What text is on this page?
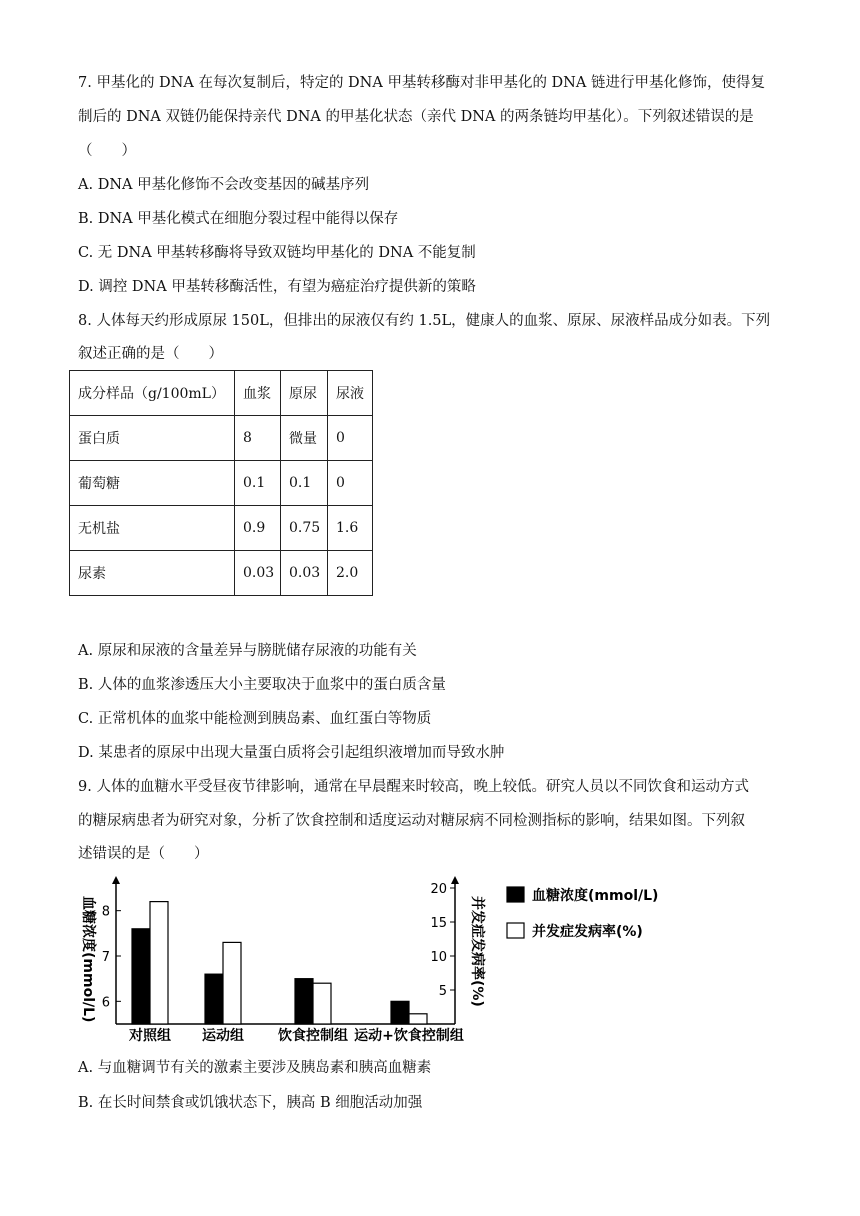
7. 甲基化的 DNA 在每次复制后，特定的 DNA 甲基转移酶对非甲基化的 DNA 链进行甲基化修饰，使得复
制后的 DNA 双链仍能保持亲代 DNA 的甲基化状态（亲代 DNA 的两条链均甲基化）。下列叙述错误的是
（　　）
A. DNA 甲基化修饰不会改变基因的碱基序列
B. DNA 甲基化模式在细胞分裂过程中能得以保存
C. 无 DNA 甲基转移酶将导致双链均甲基化的 DNA 不能复制
D. 调控 DNA 甲基转移酶活性，有望为癌症治疗提供新的策略
8. 人体每天约形成原尿 150L，但排出的尿液仅有约 1.5L，健康人的血浆、原尿、尿液样品成分如表。下列
叙述正确的是（　　）
成分样品（g/100mL）	血浆	原尿	尿液
蛋白质	8	微量	0
葡萄糖	0.1	0.1	0
无机盐	0.9	0.75	1.6
尿素	0.03	0.03	2.0
A. 原尿和尿液的含量差异与膀胱储存尿液的功能有关
B. 人体的血浆渗透压大小主要取决于血浆中的蛋白质含量
C. 正常机体的血浆中能检测到胰岛素、血红蛋白等物质
D. 某患者的原尿中出现大量蛋白质将会引起组织液增加而导致水肿
9. 人体的血糖水平受昼夜节律影响，通常在早晨醒来时较高，晚上较低。研究人员以不同饮食和运动方式
的糖尿病患者为研究对象，分析了饮食控制和适度运动对糖尿病不同检测指标的影响，结果如图。下列叙
述错误的是（　　）
6
7
8
5
10
15
20
血糖浓度(mmol/L)	并发症发病率(%)
对照组 运动组 饮食控制组 运动+饮食控制组
血糖浓度(mmol/L)
并发症发病率(%)
A. 与血糖调节有关的激素主要涉及胰岛素和胰高血糖素
B. 在长时间禁食或饥饿状态下，胰高 B 细胞活动加强
